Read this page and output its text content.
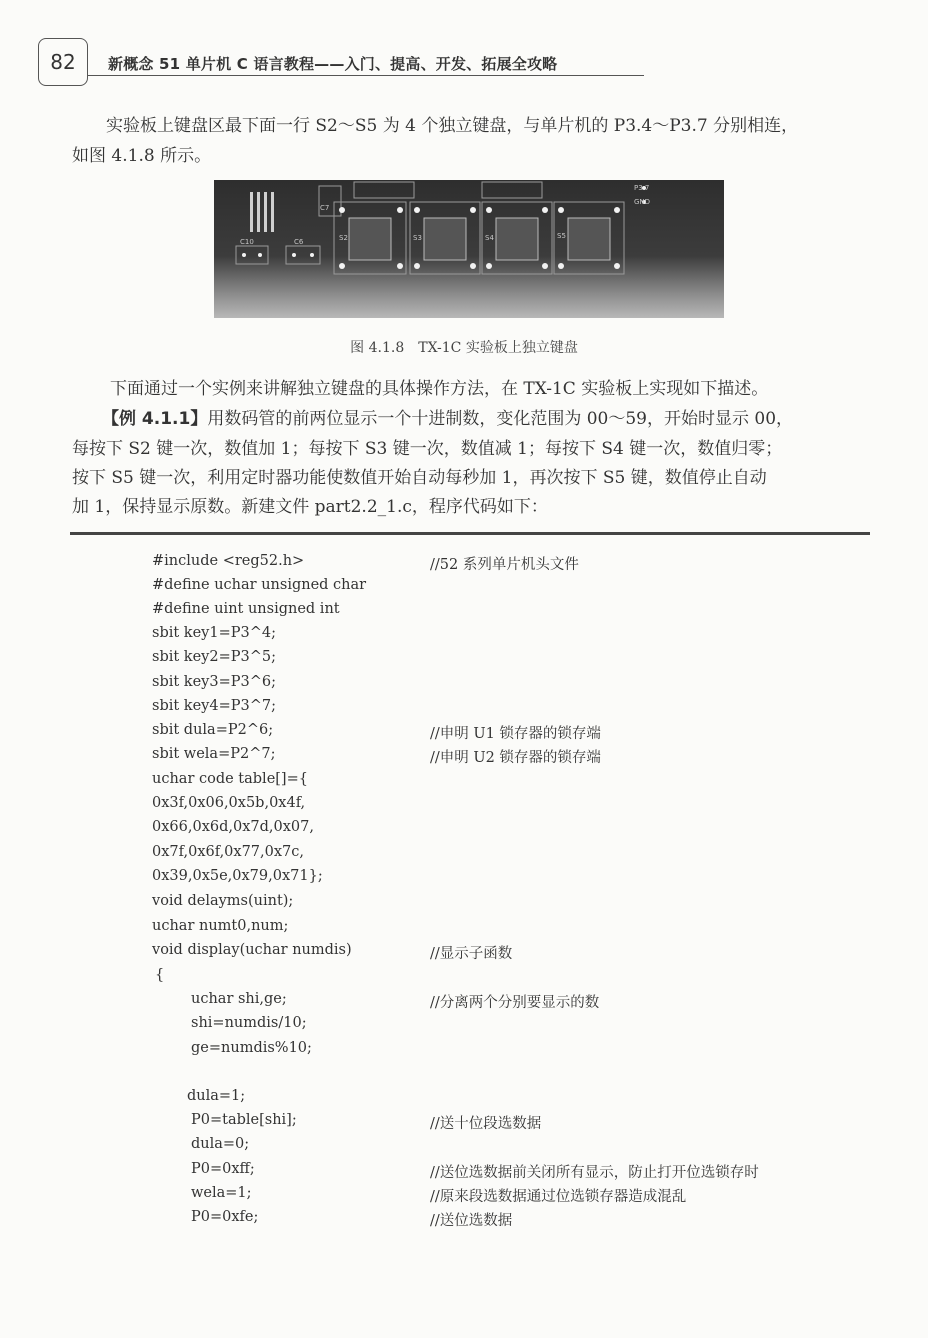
82	新概念 51 单片机 C 语言教程——入门、提高、开发、拓展全攻略

实验板上键盘区最下面一行 S2～S5 为 4 个独立键盘，与单片机的 P3.4～P3.7 分别相连，

如图 4.1.8 所示。

C7
C10	C6	S2	S3	S4	S5
P3.7
GND
图 4.1.8　TX-1C 实验板上独立键盘

下面通过一个实例来讲解独立键盘的具体操作方法，在 TX-1C 实验板上实现如下描述。

【例 4.1.1】用数码管的前两位显示一个十进制数，变化范围为 00～59，开始时显示 00，

每按下 S2 键一次，数值加 1；每按下 S3 键一次，数值减 1；每按下 S4 键一次，数值归零；

按下 S5 键一次，利用定时器功能使数值开始自动每秒加 1，再次按下 S5 键，数值停止自动

加 1，保持显示原数。新建文件 part2.2_1.c，程序代码如下：

#include <reg52.h>	//52 系列单片机头文件
#define uchar unsigned char
#define uint unsigned int
sbit key1=P3^4;
sbit key2=P3^5;
sbit key3=P3^6;
sbit key4=P3^7;
sbit dula=P2^6;	//申明 U1 锁存器的锁存端
sbit wela=P2^7;	//申明 U2 锁存器的锁存端
uchar code table[]={
0x3f,0x06,0x5b,0x4f,
0x66,0x6d,0x7d,0x07,
0x7f,0x6f,0x77,0x7c,
0x39,0x5e,0x79,0x71};
void delayms(uint);
uchar numt0,num;
void display(uchar numdis)	//显示子函数
{
uchar shi,ge;	//分离两个分别要显示的数
shi=numdis/10;
ge=numdis%10;
dula=1;
P0=table[shi];	//送十位段选数据
dula=0;
P0=0xff;	//送位选数据前关闭所有显示，防止打开位选锁存时
wela=1;	//原来段选数据通过位选锁存器造成混乱
P0=0xfe;	//送位选数据
